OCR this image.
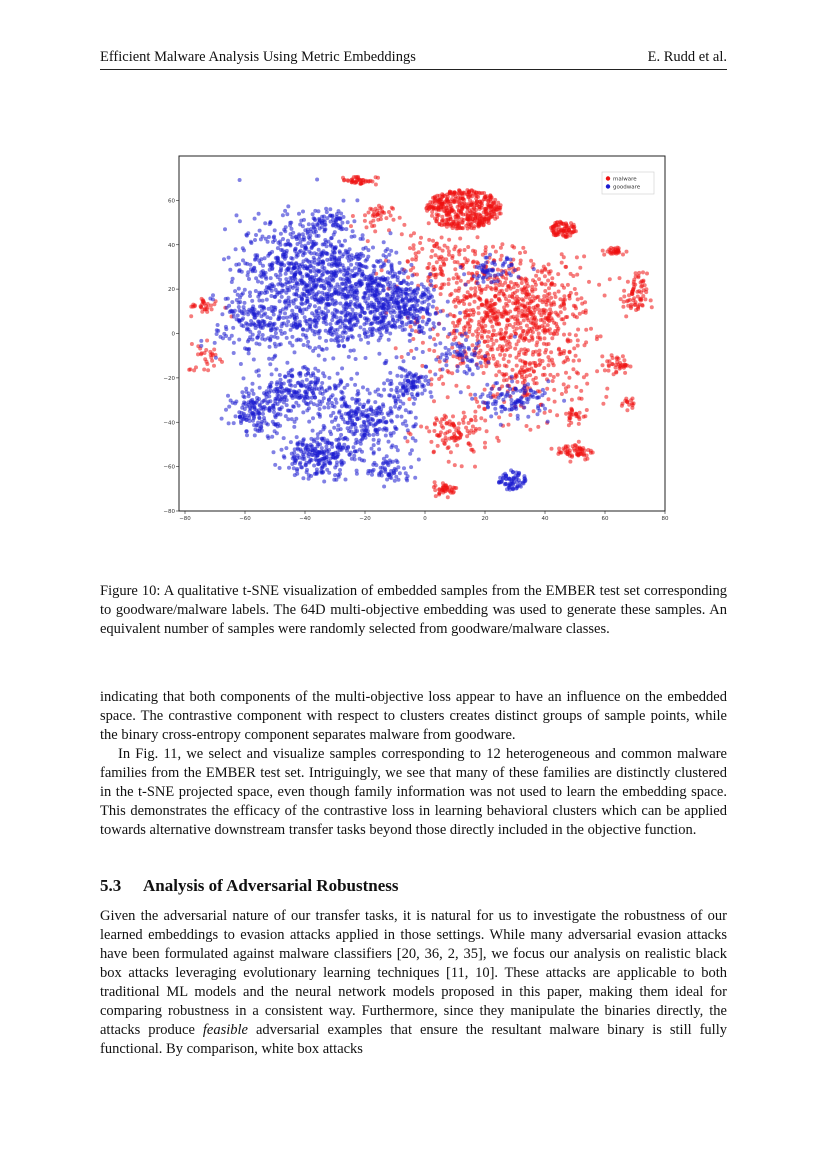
Efficient Malware Analysis Using Metric Embeddings	E. Rudd et al.
−80	−60	−40	−20	0	20	40	60	80
−80
−60
−40
−20
0
20
40
60
malware
goodware

Figure 10: A qualitative t-SNE visualization of embedded samples from the EMBER test set corresponding to goodware/malware labels. The 64D multi-objective embedding was used to generate these samples. An equivalent number of samples were randomly selected from goodware/malware classes.

indicating that both components of the multi-objective loss appear to have an influence on the embedded space. The contrastive component with respect to clusters creates distinct groups of sample points, while the binary cross-entropy component separates malware from goodware.

In Fig. 11, we select and visualize samples corresponding to 12 heterogeneous and common malware families from the EMBER test set. Intriguingly, we see that many of these families are distinctly clustered in the t-SNE projected space, even though family information was not used to learn the embedding space. This demonstrates the efficacy of the contrastive loss in learning behavioral clusters which can be applied towards alternative downstream transfer tasks beyond those directly included in the objective function.

5.3 Analysis of Adversarial Robustness

Given the adversarial nature of our transfer tasks, it is natural for us to investigate the robustness of our learned embeddings to evasion attacks applied in those settings. While many adversarial evasion attacks have been formulated against malware classifiers [20, 36, 2, 35], we focus our analysis on realistic black box attacks leveraging evolutionary learning techniques [11, 10]. These attacks are applicable to both traditional ML models and the neural network models proposed in this paper, making them ideal for comparing robustness in a consistent way. Furthermore, since they manipulate the binaries directly, the attacks produce feasible adversarial examples that ensure the resultant malware binary is still fully functional. By comparison, white box attacks
